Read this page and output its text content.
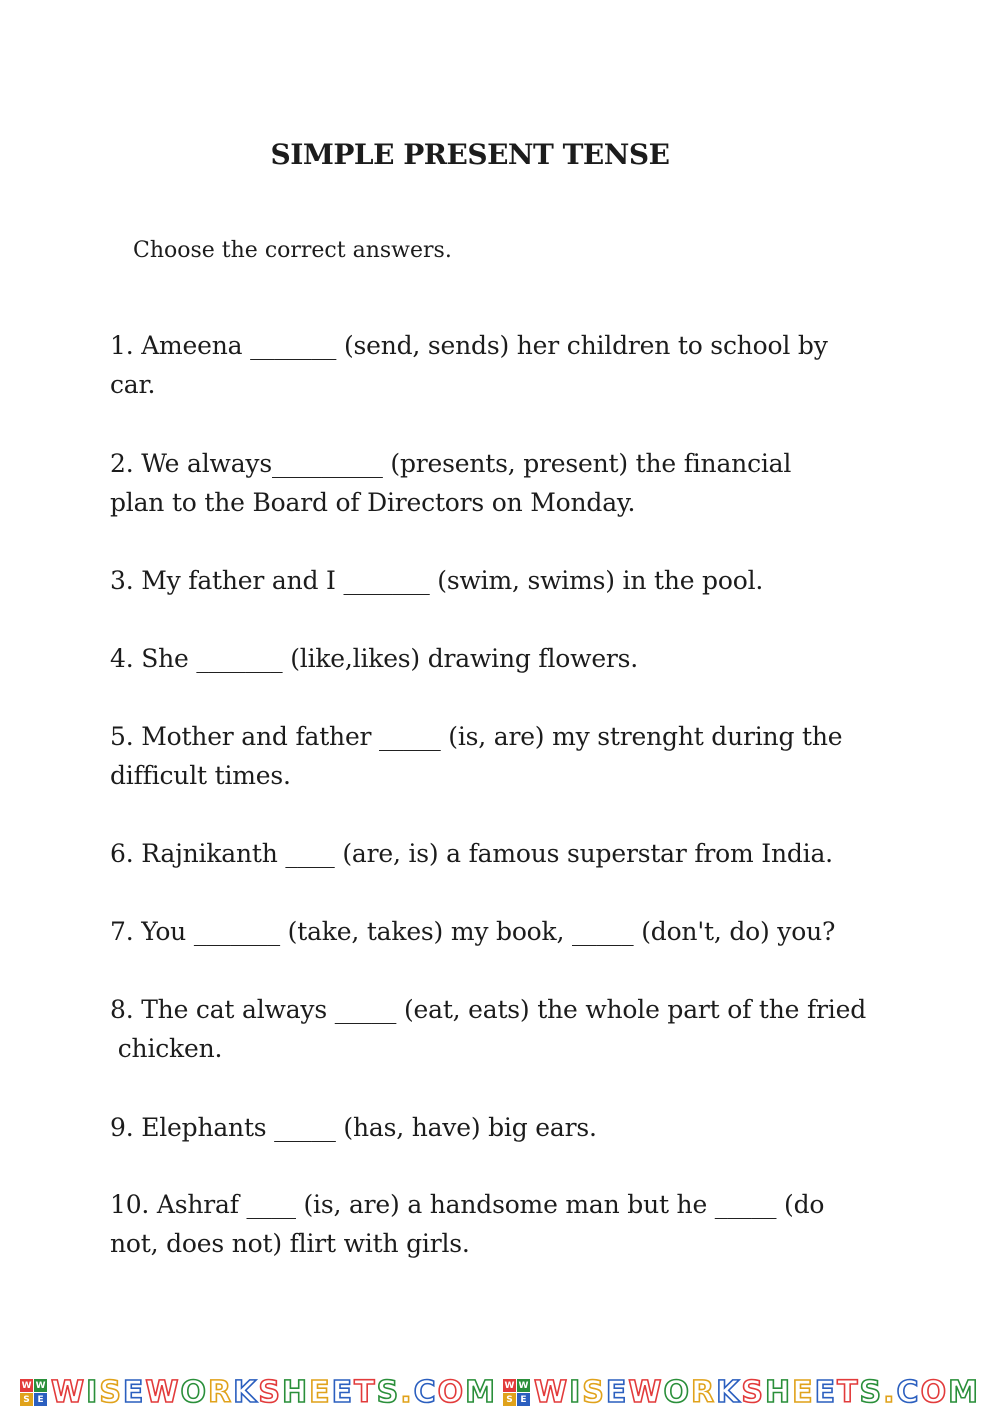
SIMPLE PRESENT TENSE

Choose the correct answers.

1. Ameena _______ (send, sends) her children to school by
car.
2. We always_________ (presents, present) the financial
plan to the Board of Directors on Monday.
3. My father and I _______ (swim, swims) in the pool.
4. She _______ (like,likes) drawing flowers.
5. Mother and father _____ (is, are) my strenght during the
difficult times.
6. Rajnikanth ____ (are, is) a famous superstar from India.
7. You _______ (take, takes) my book, _____ (don't, do) you?
8. The cat always _____ (eat, eats) the whole part of the fried
chicken.
9. Elephants _____ (has, have) big ears.
10. Ashraf ____ (is, are) a handsome man but he _____ (do
not, does not) flirt with girls.
W W
S E WISEWORKSHEETS.COM W W
S E WISEWORKSHEETS.COM
